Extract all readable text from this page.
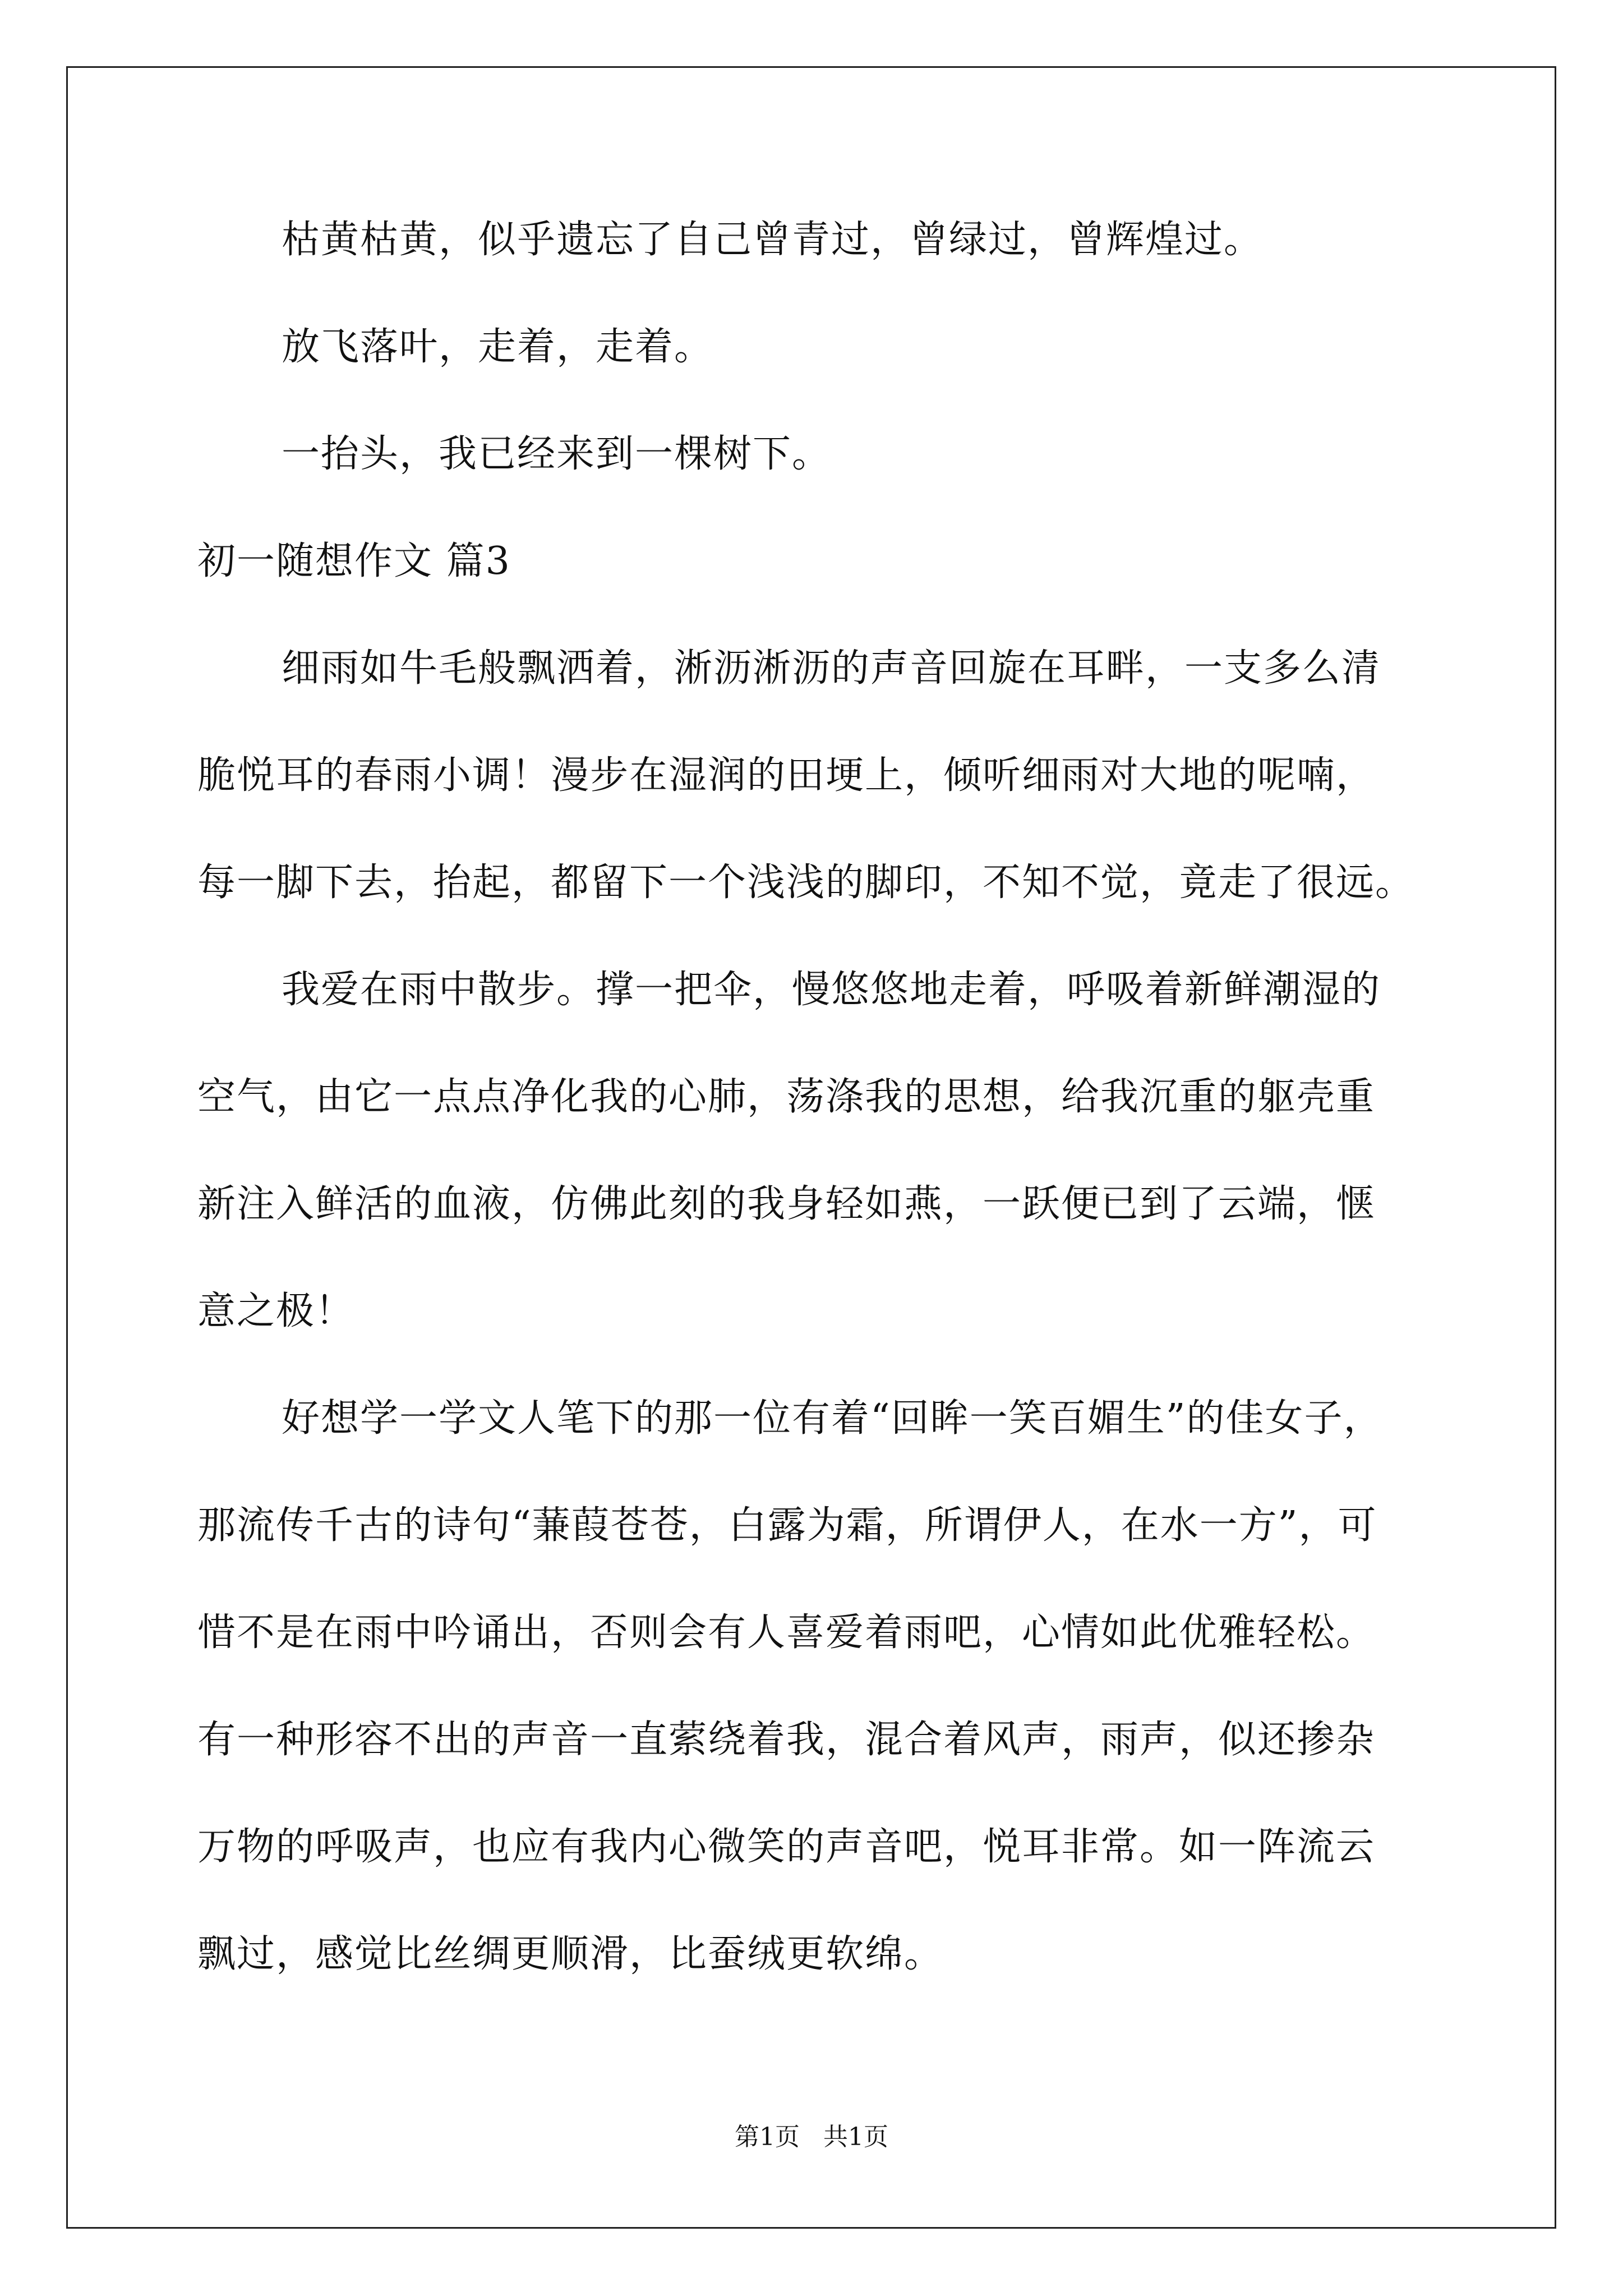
枯黄枯黄，似乎遗忘了自己曾青过，曾绿过，曾辉煌过。
放飞落叶，走着，走着。
一抬头，我已经来到一棵树下。
初一随想作文 篇3
细雨如牛毛般飘洒着，淅沥淅沥的声音回旋在耳畔，一支多么清
脆悦耳的春雨小调！漫步在湿润的田埂上，倾听细雨对大地的呢喃，
每一脚下去，抬起，都留下一个浅浅的脚印，不知不觉，竟走了很远。
我爱在雨中散步。撑一把伞，慢悠悠地走着，呼吸着新鲜潮湿的
空气，由它一点点净化我的心肺，荡涤我的思想，给我沉重的躯壳重
新注入鲜活的血液，仿佛此刻的我身轻如燕，一跃便已到了云端，惬
意之极！
好想学一学文人笔下的那一位有着“回眸一笑百媚生”的佳女子，
那流传千古的诗句“蒹葭苍苍，白露为霜，所谓伊人，在水一方”，可
惜不是在雨中吟诵出，否则会有人喜爱着雨吧，心情如此优雅轻松。
有一种形容不出的声音一直萦绕着我，混合着风声，雨声，似还掺杂
万物的呼吸声，也应有我内心微笑的声音吧，悦耳非常。如一阵流云
飘过，感觉比丝绸更顺滑，比蚕绒更软绵。
第1页   共1页
